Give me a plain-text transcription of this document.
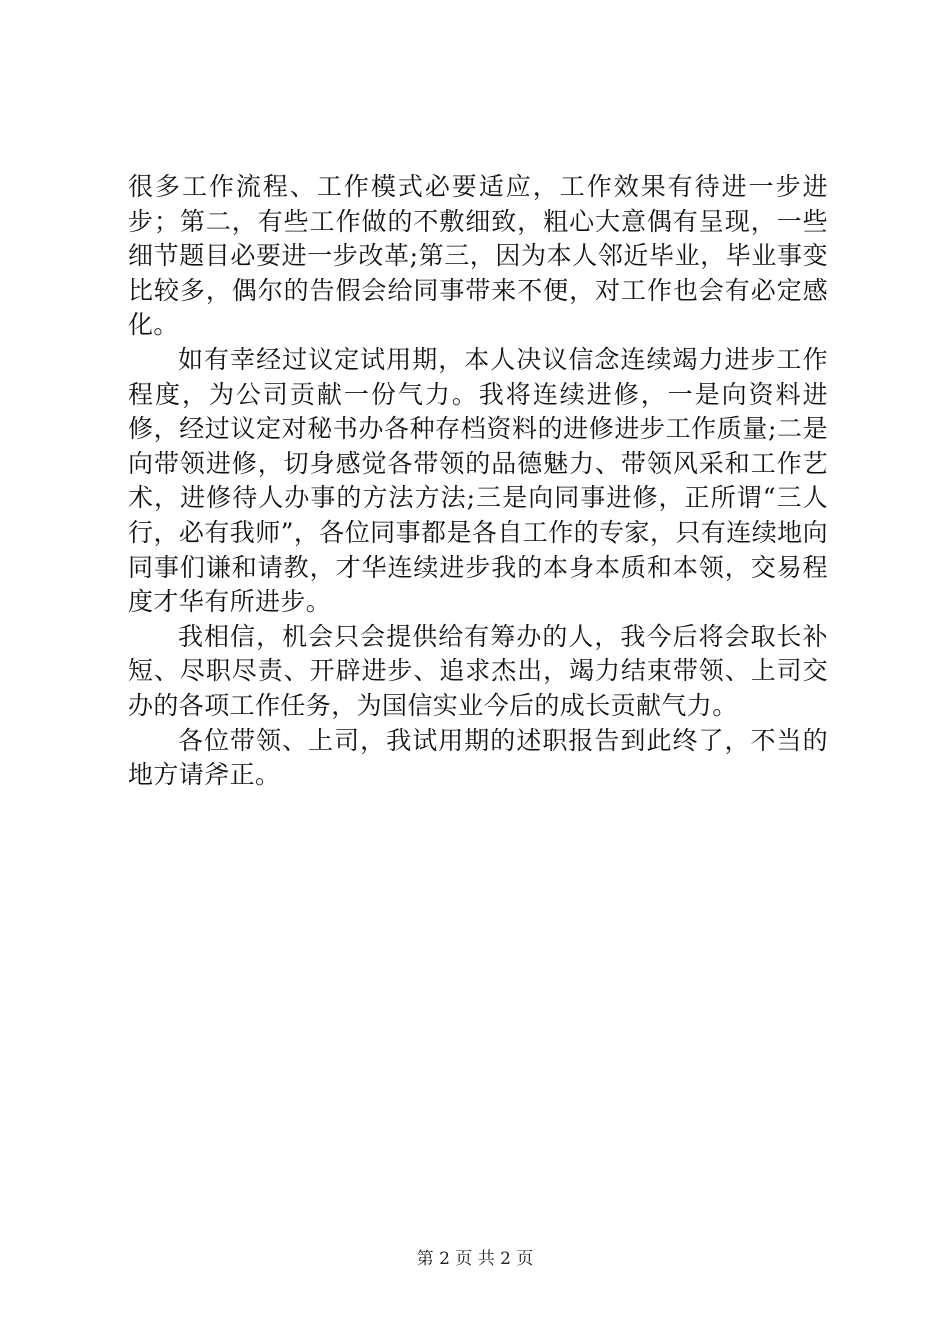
很多工作流程、工作模式必要适应，工作效果有待进一步进步；第二，有些工作做的不敷细致，粗心大意偶有呈现，一些细节题目必要进一步改革;第三，因为本人邻近毕业，毕业事变比较多，偶尔的告假会给同事带来不便，对工作也会有必定感化。

如有幸经过议定试用期，本人决议信念连续竭力进步工作程度，为公司贡献一份气力。我将连续进修，一是向资料进修，经过议定对秘书办各种存档资料的进修进步工作质量;二是向带领进修，切身感觉各带领的品德魅力、带领风采和工作艺术，进修待人办事的方法方法;三是向同事进修，正所谓“三人行，必有我师”，各位同事都是各自工作的专家，只有连续地向同事们谦和请教，才华连续进步我的本身本质和本领，交易程度才华有所进步。

我相信，机会只会提供给有筹办的人，我今后将会取长补短、尽职尽责、开辟进步、追求杰出，竭力结束带领、上司交办的各项工作任务，为国信实业今后的成长贡献气力。

各位带领、上司，我试用期的述职报告到此终了，不当的地方请斧正。

第 2 页 共 2 页
